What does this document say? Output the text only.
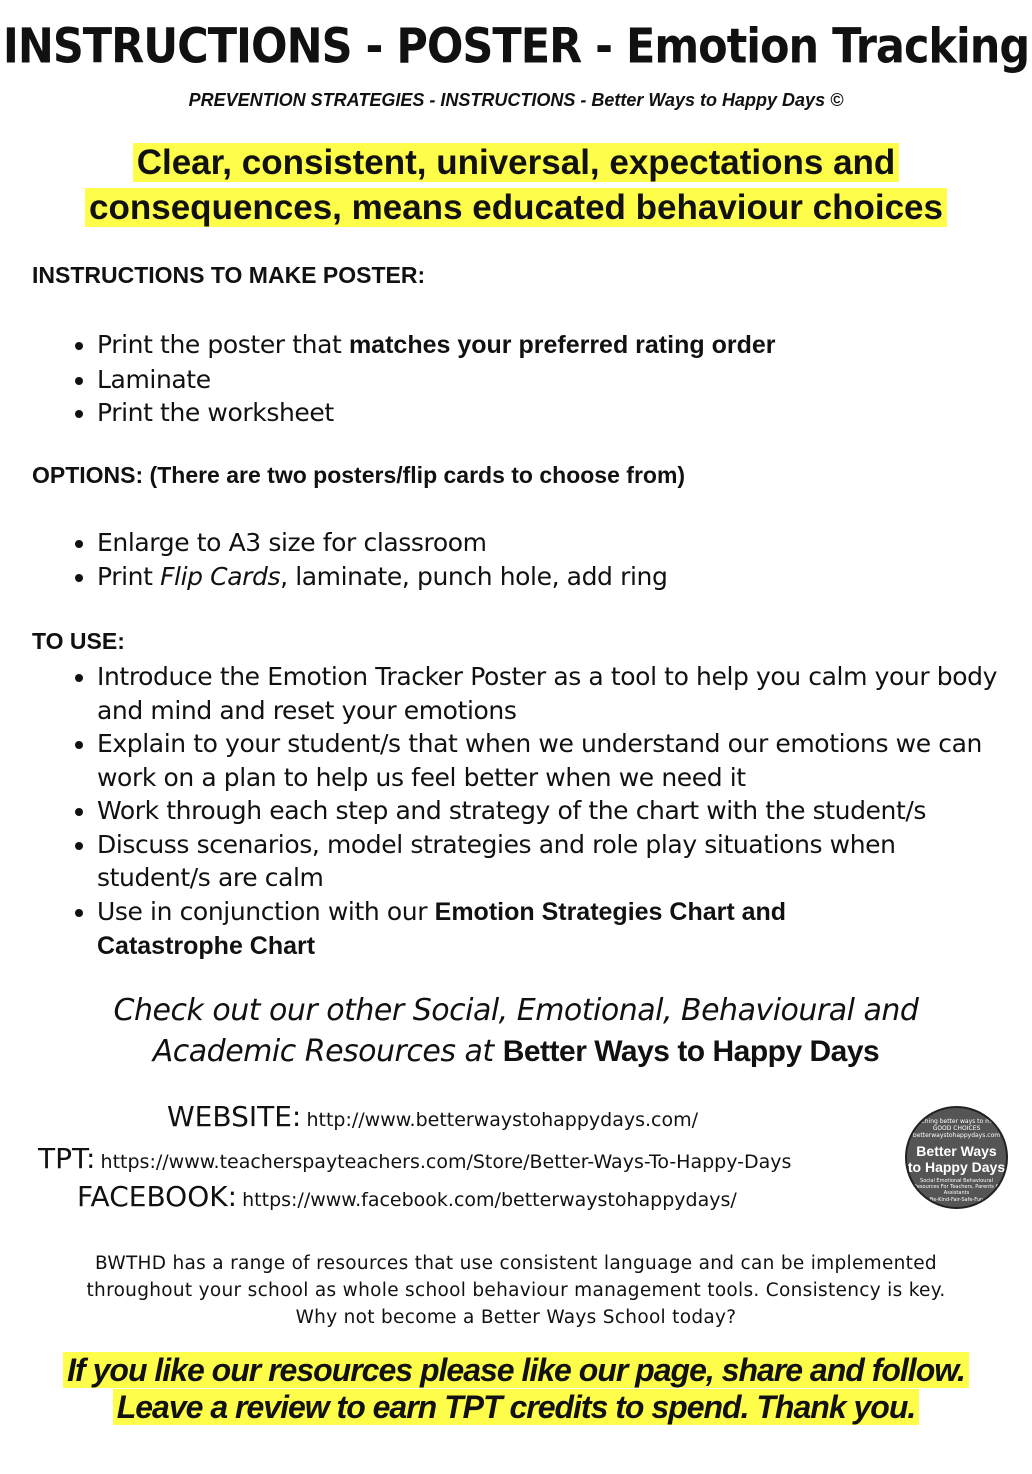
INSTRUCTIONS - POSTER - Emotion Tracking
PREVENTION STRATEGIES - INSTRUCTIONS - Better Ways to Happy Days ©
Clear, consistent, universal, expectations and
consequences, means educated behaviour choices
INSTRUCTIONS TO MAKE POSTER:
• Print the poster that matches your preferred rating order
• Laminate
• Print the worksheet
OPTIONS: (There are two posters/flip cards to choose from)
• Enlarge to A3 size for classroom
• Print Flip Cards, laminate, punch hole, add ring
TO USE:
• Introduce the Emotion Tracker Poster as a tool to help you calm your body and mind and reset your emotions
• Explain to your student/s that when we understand our emotions we can work on a plan to help us feel better when we need it
• Work through each step and strategy of the chart with the student/s
• Discuss scenarios, model strategies and role play situations when student/s are calm
• Use in conjunction with our Emotion Strategies Chart and Catastrophe Chart
Check out our other Social, Emotional, Behavioural and
Academic Resources at Better Ways to Happy Days
WEBSITE: http://www.betterwaystohappydays.com/
TPT: https://www.teacherspayteachers.com/Store/Better-Ways-To-Happy-Days
FACEBOOK: https://www.facebook.com/betterwaystohappydays/
Teaching better ways to make GOOD CHOICES betterwaystohappydays.com
Better Ways
to Happy Days
Social Emotional Behavioural Resources For Teachers, Parents & Assistants
Be-Kind-Fair-Safe-Fun
BWTHD has a range of resources that use consistent language and can be implemented
throughout your school as whole school behaviour management tools. Consistency is key.
Why not become a Better Ways School today?
If you like our resources please like our page, share and follow.
Leave a review to earn TPT credits to spend. Thank you.
